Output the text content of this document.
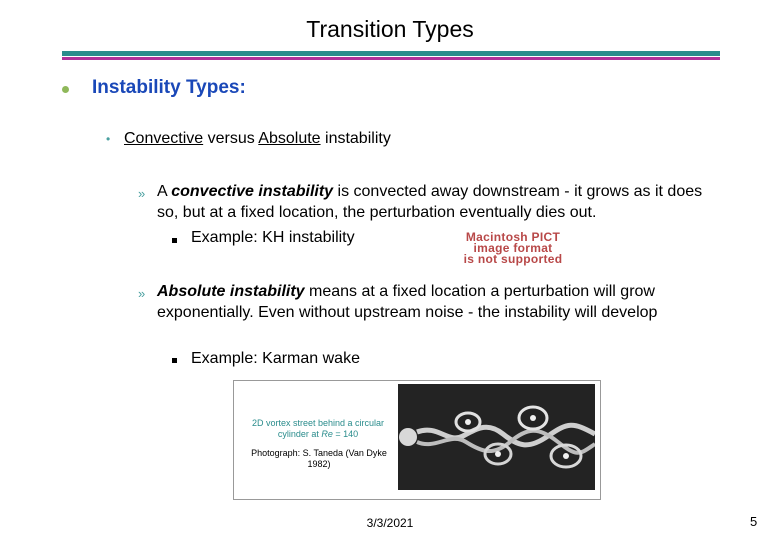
Transition Types
Instability Types:
• Convective versus Absolute instability
» A convective instability is convected away downstream - it grows as it does so, but at a fixed location, the perturbation eventually dies out.
Example: KH instability	Macintosh PICT
image format
is not supported
» Absolute instability means at a fixed location a perturbation will grow exponentially. Even without upstream noise - the instability will develop
Example: Karman wake
2D vortex street behind a circular cylinder at Re = 140
Photograph: S. Taneda (Van Dyke 1982)
3/3/2021	5
